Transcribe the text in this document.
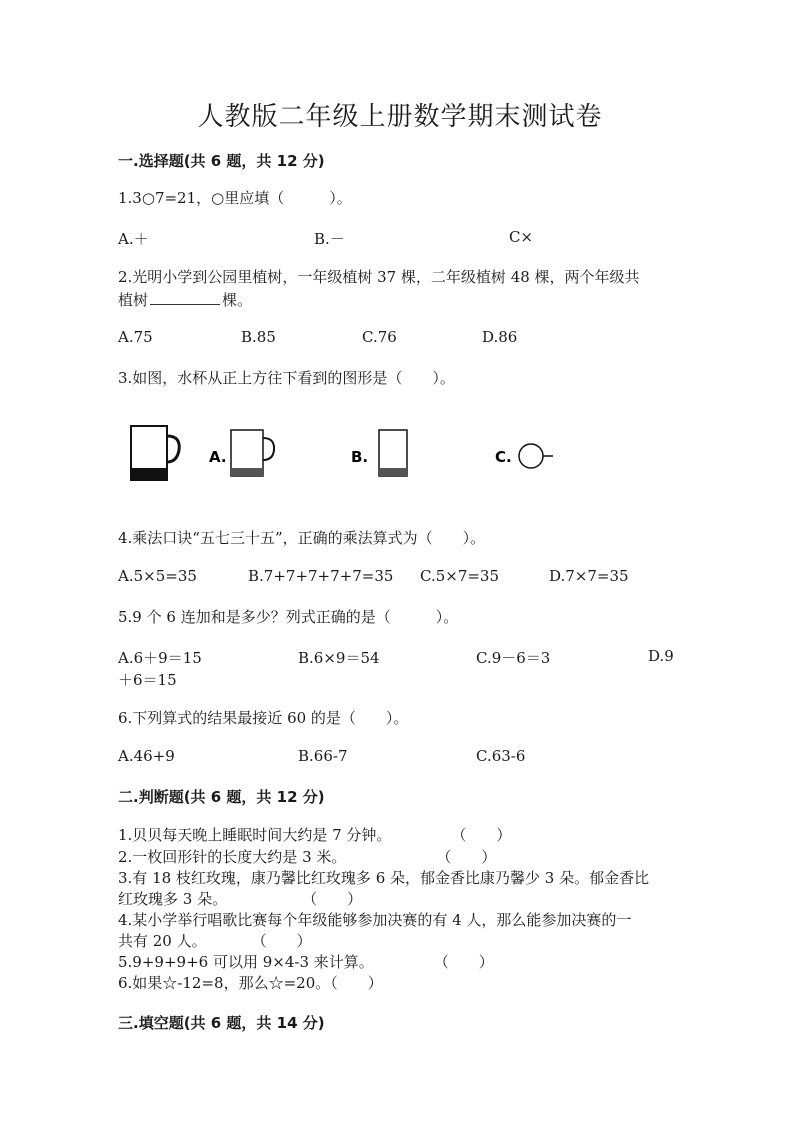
人教版二年级上册数学期末测试卷
一.选择题(共 6 题，共 12 分)
1.3○7=21，○里应填（　　　）。
A.＋	B.－	C×
2.光明小学到公园里植树，一年级植树 37 棵，二年级植树 48 棵，两个年级共
植树	棵。
A.75	B.85	C.76	D.86
3.如图，水杯从正上方往下看到的图形是（　　）。
A.	B.	C.
4.乘法口诀“五七三十五”，正确的乘法算式为（　　）。
A.5×5=35	B.7+7+7+7+7=35 C.5×7=35	D.7×7=35
5.9 个 6 连加和是多少？列式正确的是（　　　）。
A.6＋9＝15	B.6×9＝54	C.9－6＝3	D.9
＋6＝15
6.下列算式的结果最接近 60 的是（　　）。
A.46+9	B.66-7	C.63-6
二.判断题(共 6 题，共 12 分)
1.贝贝每天晚上睡眠时间大约是 7 分钟。　　　　　（　　）
2.一枚回形针的长度大约是 3 米。　　　　　　　（　　）
3.有 18 枝红玫瑰，康乃馨比红玫瑰多 6 朵，郁金香比康乃馨少 3 朵。郁金香比
红玫瑰多 3 朵。　　　　　　（　　）
4.某小学举行唱歌比赛每个年级能够参加决赛的有 4 人，那么能参加决赛的一
共有 20 人。　　　　（　　）
5.9+9+9+6 可以用 9×4-3 来计算。　　　　　（　　）
6.如果☆-12=8，那么☆=20。（　　）
三.填空题(共 6 题，共 14 分)
